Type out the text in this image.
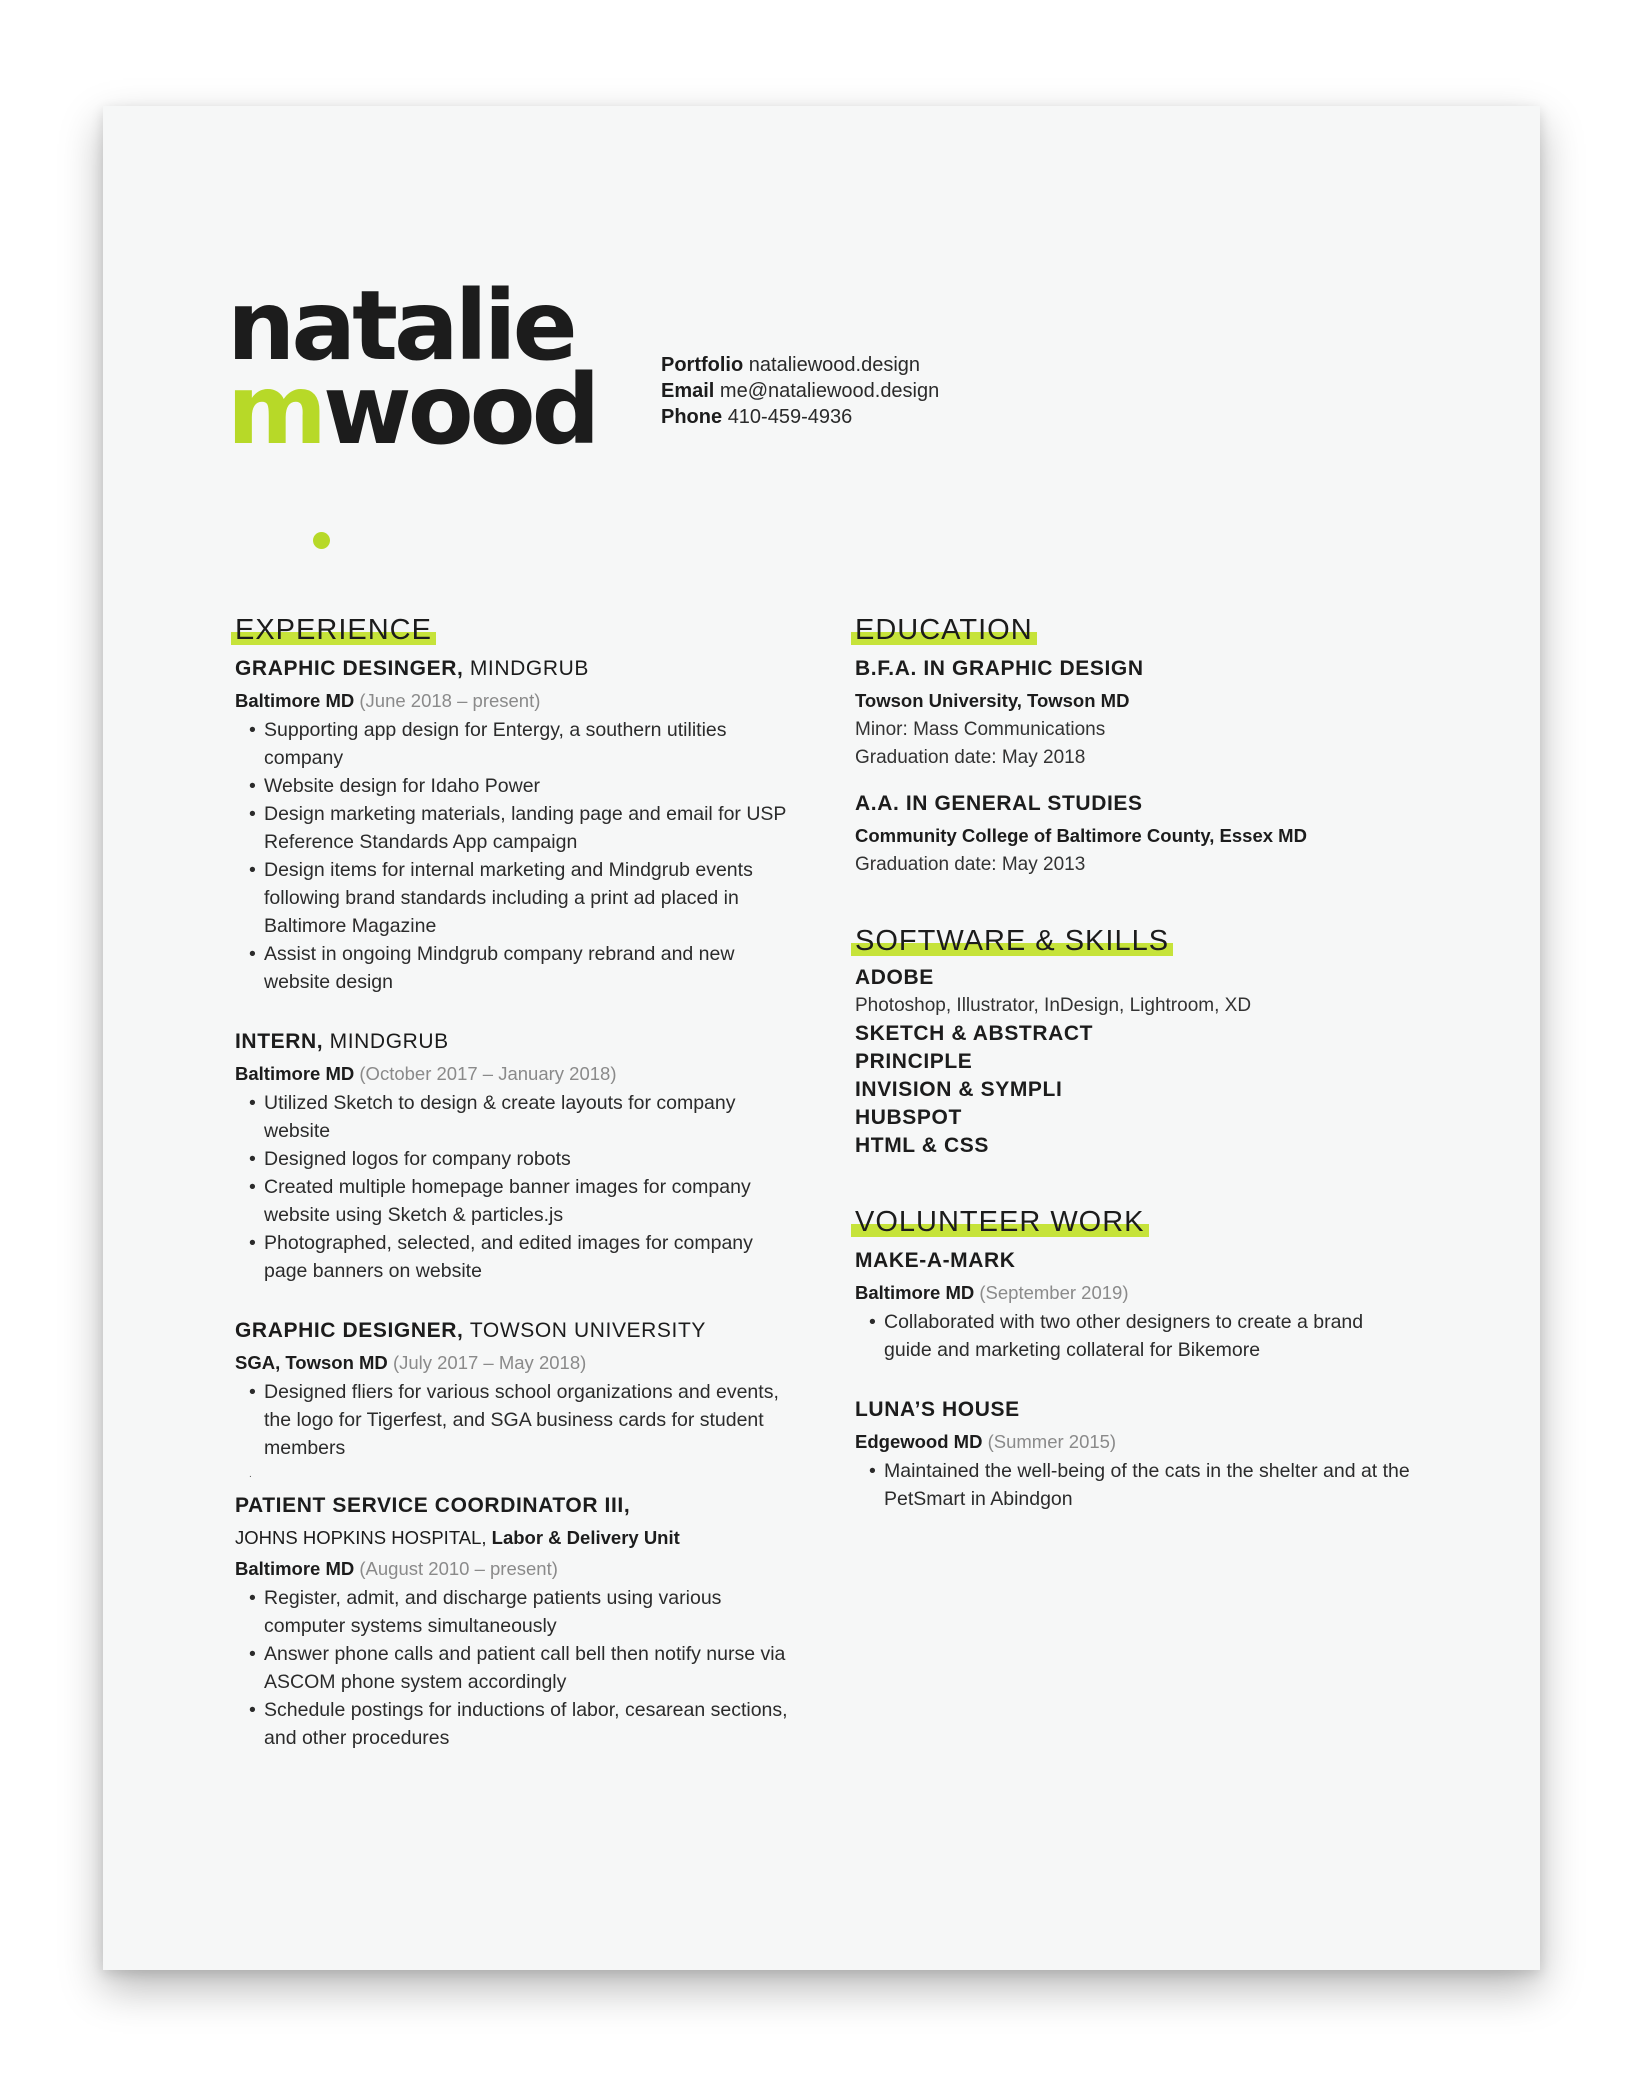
natalie
mwood	Portfolio nataliewood.design
Email me@nataliewood.design
Phone 410-459-4936
EXPERIENCE
GRAPHIC DESINGER, MINDGRUB
Baltimore MD (June 2018 – present)
• Supporting app design for Entergy, a southern utilities company
• Website design for Idaho Power
• Design marketing materials, landing page and email for USP Reference Standards App campaign
• Design items for internal marketing and Mindgrub events following brand standards including a print ad placed in Baltimore Magazine
• Assist in ongoing Mindgrub company rebrand and new website design
INTERN, MINDGRUB
Baltimore MD (October 2017 – January 2018)
• Utilized Sketch to design & create layouts for company website
• Designed logos for company robots
• Created multiple homepage banner images for company website using Sketch & particles.js
• Photographed, selected, and edited images for company page banners on website
GRAPHIC DESIGNER, TOWSON UNIVERSITY
SGA, Towson MD (July 2017 – May 2018)
• Designed fliers for various school organizations and events, the logo for Tigerfest, and SGA business cards for student members
.
PATIENT SERVICE COORDINATOR III,
JOHNS HOPKINS HOSPITAL, Labor & Delivery Unit
Baltimore MD (August 2010 – present)
• Register, admit, and discharge patients using various computer systems simultaneously
• Answer phone calls and patient call bell then notify nurse via ASCOM phone system accordingly
• Schedule postings for inductions of labor, cesarean sections, and other procedures
EDUCATION
B.F.A. IN GRAPHIC DESIGN
Towson University, Towson MD
Minor: Mass Communications
Graduation date: May 2018
A.A. IN GENERAL STUDIES
Community College of Baltimore County, Essex MD
Graduation date: May 2013
SOFTWARE & SKILLS
ADOBE
Photoshop, Illustrator, InDesign, Lightroom, XD
SKETCH & ABSTRACT
PRINCIPLE
INVISION & SYMPLI
HUBSPOT
HTML & CSS
VOLUNTEER WORK
MAKE-A-MARK
Baltimore MD (September 2019)
• Collaborated with two other designers to create a brand guide and marketing collateral for Bikemore
LUNA’S HOUSE
Edgewood MD (Summer 2015)
• Maintained the well-being of the cats in the shelter and at the PetSmart in Abindgon
